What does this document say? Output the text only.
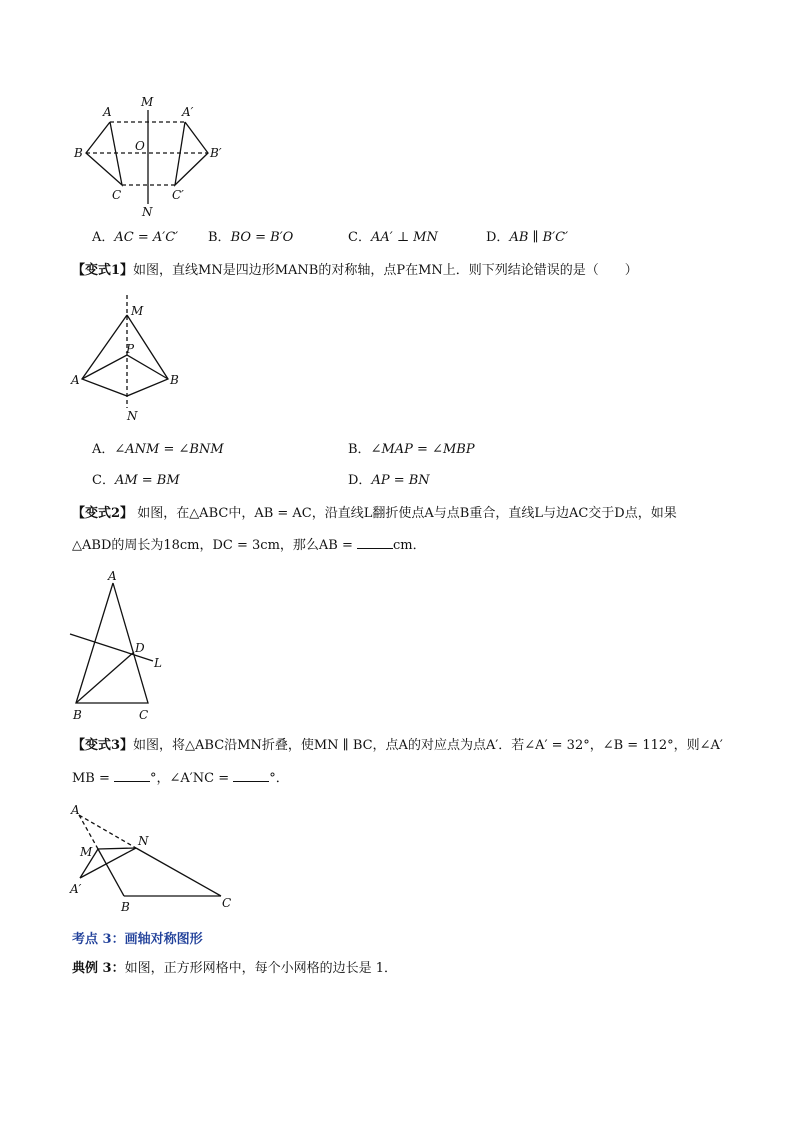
A
M
A′
B	O	B′
C	C′
N
A．AC = A′C′ B．BO = B′O	C．AA′ ⊥ MN	D．AB ∥ B′C′
【变式1】如图，直线MN是四边形MANB的对称轴，点P在MN上．则下列结论错误的是（　　）
M
P
A	B
N
A．∠ANM = ∠BNM	B．∠MAP = ∠MBP
C．AM = BM	D．AP = BN
【变式2】 如图，在△ABC中，AB = AC，沿直线L翻折使点A与点B重合，直线L与边AC交于D点，如果
△ABD的周长为18cm，DC = 3cm，那么AB =	cm．
A
D
L
B	C
【变式3】如图，将△ABC沿MN折叠，使MN ∥ BC，点A的对应点为点A′．若∠A′ = 32°，∠B = 112°，则∠A′
MB =	°，∠A′NC =	°．
A
N
M
A′
B	C
考点 3：画轴对称图形
典例 3：如图，正方形网格中，每个小网格的边长是 1．
